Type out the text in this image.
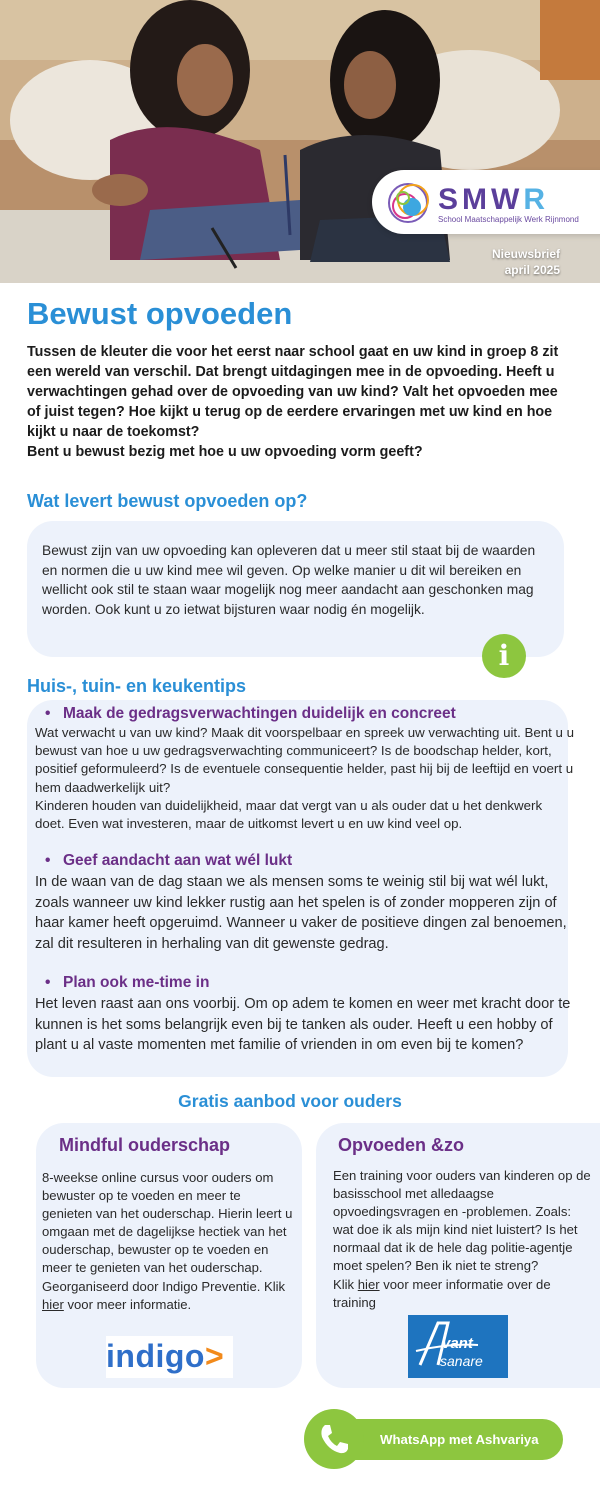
SMWR
School Maatschappelijk Werk Rijnmond
Nieuwsbrief
april 2025
Bewust opvoeden

Tussen de kleuter die voor het eerst naar school gaat en uw kind in groep 8 zit een wereld van verschil. Dat brengt uitdagingen mee in de opvoeding. Heeft u verwachtingen gehad over de opvoeding van uw kind? Valt het opvoeden mee of juist tegen? Hoe kijkt u terug op de eerdere ervaringen met uw kind en hoe kijkt u naar de toekomst?

Bent u bewust bezig met hoe u uw opvoeding vorm geeft?

Wat levert bewust opvoeden op?

Bewust zijn van uw opvoeding kan opleveren dat u meer stil staat bij de waarden en normen die u uw kind mee wil geven. Op welke manier u dit wil bereiken en wellicht ook stil te staan waar mogelijk nog meer aandacht aan geschonken mag worden. Ook kunt u zo ietwat bijsturen waar nodig én mogelijk.

i
Huis-, tuin- en keukentips
• Maak de gedragsverwachtingen duidelijk en concreet

Wat verwacht u van uw kind? Maak dit voorspelbaar en spreek uw verwachting uit. Bent u u bewust van hoe u uw gedragsverwachting communiceert? Is de boodschap helder, kort, positief geformuleerd? Is de eventuele consequentie helder, past hij bij de leeftijd en voert u hem daadwerkelijk uit?

Kinderen houden van duidelijkheid, maar dat vergt van u als ouder dat u het denkwerk doet. Even wat investeren, maar de uitkomst levert u en uw kind veel op.

• Geef aandacht aan wat wél lukt
In de waan van de dag staan we als mensen soms te weinig stil bij wat wél lukt, zoals wanneer uw kind lekker rustig aan het spelen is of zonder mopperen zijn of haar kamer heeft opgeruimd. Wanneer u vaker de positieve dingen zal benoemen, zal dit resulteren in herhaling van dit gewenste gedrag.
• Plan ook me-time in
Het leven raast aan ons voorbij. Om op adem te komen en weer met kracht door te kunnen is het soms belangrijk even bij te tanken als ouder. Heeft u een hobby of plant u al vaste momenten met familie of vrienden in om even bij te komen?
Gratis aanbod voor ouders
Mindful ouderschap
8-weekse online cursus voor ouders om bewuster op te voeden en meer te genieten van het ouderschap. Hierin leert u omgaan met de dagelijkse hectiek van het ouderschap, bewuster op te voeden en meer te genieten van het ouderschap. Georganiseerd door Indigo Preventie. Klik hier voor meer informatie.
indigo>
Opvoeden &zo
Een training voor ouders van kinderen op de basisschool met alledaagse opvoedingsvragen en -problemen. Zoals: wat doe ik als mijn kind niet luistert? Is het normaal dat ik de hele dag politie-agentje moet spelen? Ben ik niet te streng?
Klik hier voor meer informatie over de training
vant
sanare
WhatsApp met Ashvariya
